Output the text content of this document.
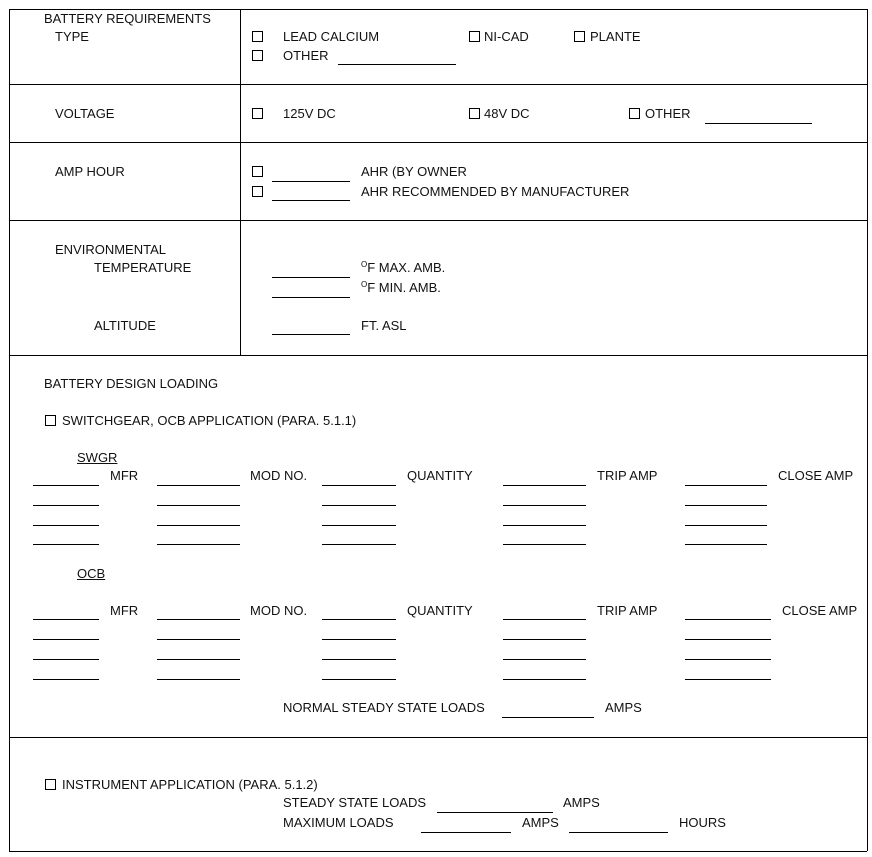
BATTERY REQUIREMENTS
TYPE	LEAD CALCIUM	NI-CAD	PLANTE
OTHER
VOLTAGE	125V DC	48V DC	OTHER
AMP HOUR	AHR (BY OWNER
AHR RECOMMENDED BY MANUFACTURER
ENVIRONMENTAL
TEMPERATURE	$^O$F MAX. AMB.
$^O$F MIN. AMB.
ALTITUDE	FT. ASL
BATTERY DESIGN LOADING
SWITCHGEAR, OCB APPLICATION (PARA. 5.1.1)
SWGR
MFR	MOD NO.	QUANTITY	TRIP AMP	CLOSE AMP
OCB
MFR	MOD NO.	QUANTITY	TRIP AMP	CLOSE AMP
NORMAL STEADY STATE LOADS	AMPS
INSTRUMENT APPLICATION (PARA. 5.1.2)
STEADY STATE LOADS	AMPS
MAXIMUM LOADS	AMPS	HOURS
